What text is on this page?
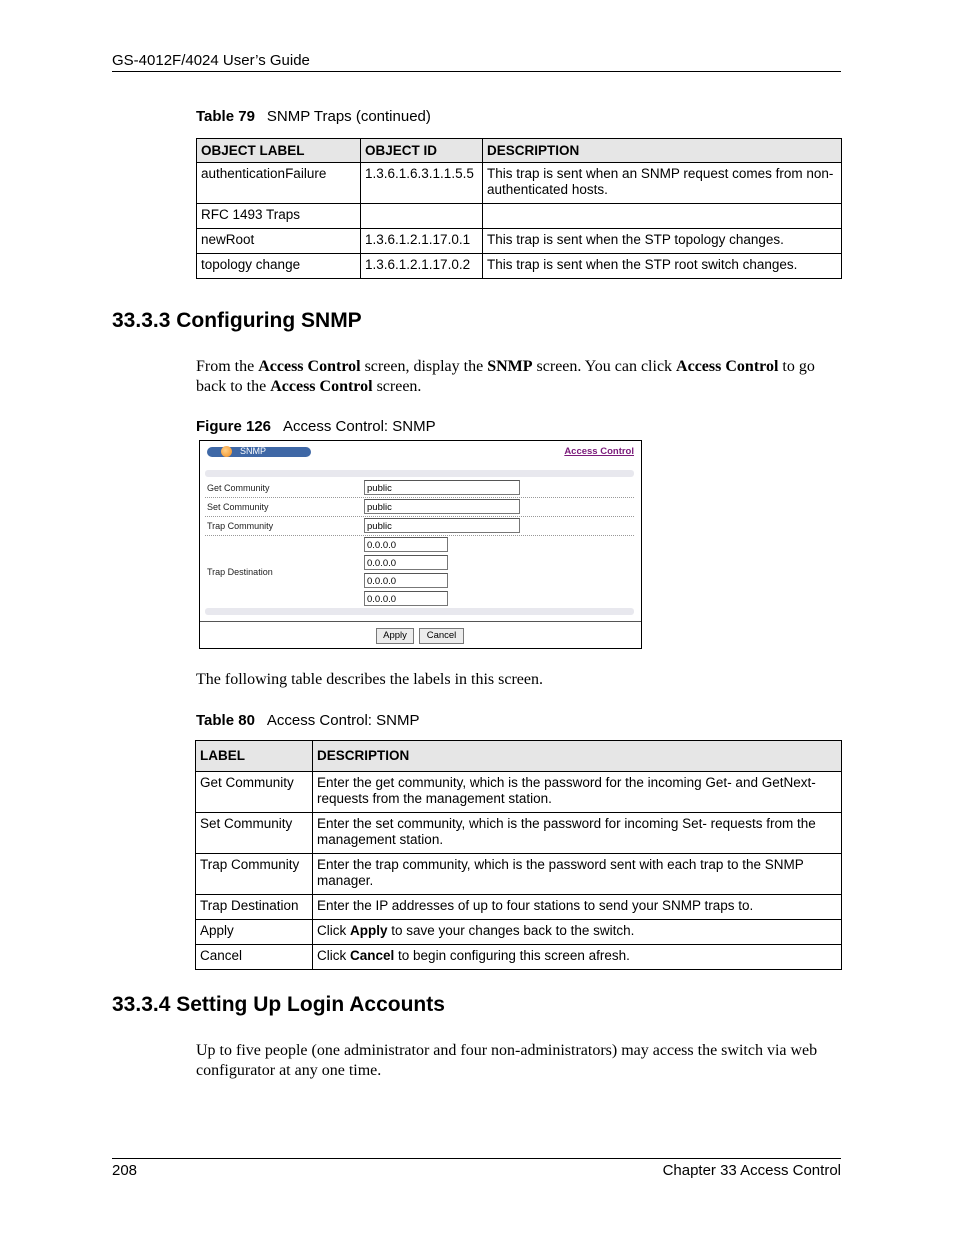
GS-4012F/4024 User’s Guide
Table 79 SNMP Traps (continued)
OBJECT LABEL	OBJECT ID	DESCRIPTION
authenticationFailure	1.3.6.1.6.3.1.1.5.5	This trap is sent when an SNMP request comes from non-authenticated hosts.
RFC 1493 Traps		
newRoot	1.3.6.1.2.1.17.0.1	This trap is sent when the STP topology changes.
topology change	1.3.6.1.2.1.17.0.2	This trap is sent when the STP root switch changes.
33.3.3 Configuring SNMP
From the Access Control screen, display the SNMP screen. You can click Access Control to go back to the Access Control screen.
Figure 126 Access Control: SNMP
SNMP	Access Control
Get Community	public
Set Community	public
Trap Community	public
Trap Destination
0.0.0.0
0.0.0.0
0.0.0.0
0.0.0.0
Apply	Cancel
The following table describes the labels in this screen.
Table 80 Access Control: SNMP
LABEL	DESCRIPTION
Get Community	Enter the get community, which is the password for the incoming Get- and GetNext- requests from the management station.
Set Community	Enter the set community, which is the password for incoming Set- requests from the management station.
Trap Community	Enter the trap community, which is the password sent with each trap to the SNMP manager.
Trap Destination	Enter the IP addresses of up to four stations to send your SNMP traps to.
Apply	Click Apply to save your changes back to the switch.
Cancel	Click Cancel to begin configuring this screen afresh.
33.3.4 Setting Up Login Accounts
Up to five people (one administrator and four non-administrators) may access the switch via web configurator at any one time.
208	Chapter 33 Access Control
